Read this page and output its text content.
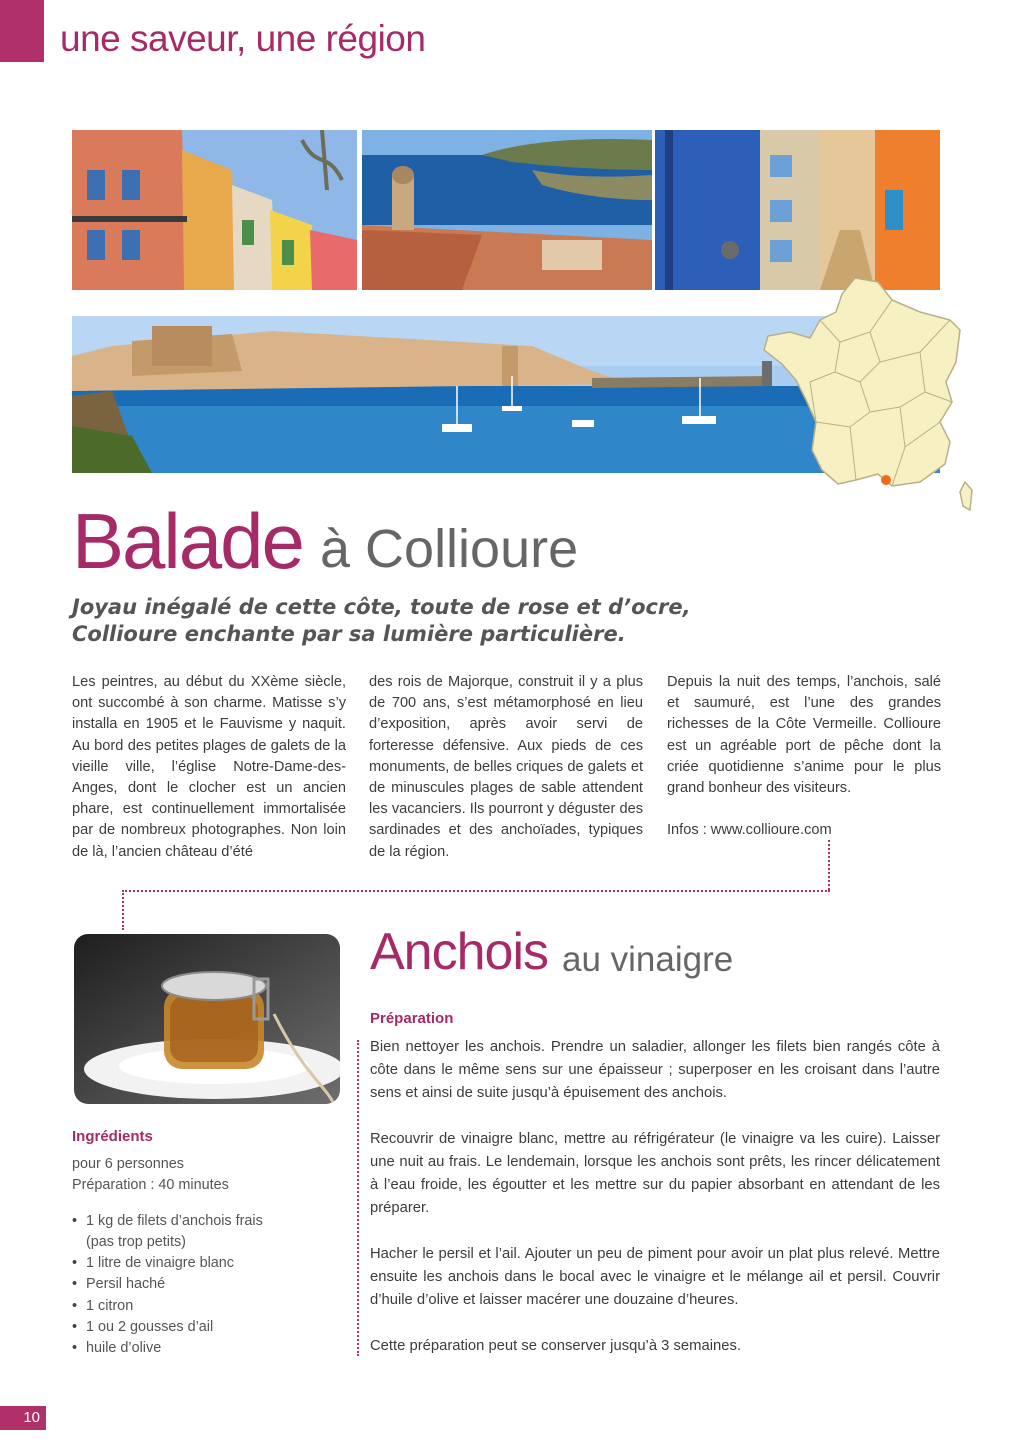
une saveur, une région
Balade à Collioure
Joyau inégalé de cette côte, toute de rose et d’ocre, Collioure enchante par sa lumière particulière.

Les peintres, au début du XXème siècle, ont succombé à son charme. Matisse s’y installa en 1905 et le Fauvisme y naquit. Au bord des petites plages de galets de la vieille ville, l’église Notre-Dame-des-Anges, dont le clocher est un ancien phare, est continuellement immortalisée par de nombreux photographes. Non loin de là, l’ancien château d’été

des rois de Majorque, construit il y a plus de 700 ans, s’est métamorphosé en lieu d’exposition, après avoir servi de forteresse défensive. Aux pieds de ces monuments, de belles criques de galets et de minuscules plages de sable attendent les vacanciers. Ils pourront y déguster des sardinades et des anchoïades, typiques de la région.

Depuis la nuit des temps, l’anchois, salé et saumuré, est l’une des grandes richesses de la Côte Vermeille. Collioure est un agréable port de pêche dont la criée quotidienne s’anime pour le plus grand bonheur des visiteurs.

Infos : www.collioure.com

Anchois au vinaigre
Préparation

Bien nettoyer les anchois. Prendre un saladier, allonger les filets bien rangés côte à côte dans le même sens sur une épaisseur ; superposer en les croisant dans l’autre sens et ainsi de suite jusqu’à épuisement des anchois.

Recouvrir de vinaigre blanc, mettre au réfrigérateur (le vinaigre va les cuire). Laisser une nuit au frais. Le lendemain, lorsque les anchois sont prêts, les rincer délicatement à l’eau froide, les égoutter et les mettre sur du papier absorbant en attendant de les préparer.

Hacher le persil et l’ail. Ajouter un peu de piment pour avoir un plat plus relevé. Mettre ensuite les anchois dans le bocal avec le vinaigre et le mélange ail et persil. Couvrir d’huile d’olive et laisser macérer une douzaine d’heures.

Cette préparation peut se conserver jusqu’à 3 semaines.

Ingrédients
pour 6 personnes
Préparation : 40 minutes
• 1 kg de filets d’anchois frais
(pas trop petits)
• 1 litre de vinaigre blanc
• Persil haché
• 1 citron
• 1 ou 2 gousses d’ail
• huile d’olive
10
